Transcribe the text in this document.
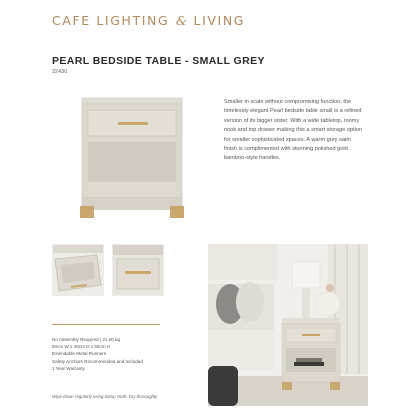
CAFE LIGHTING & LIVING
PEARL BEDSIDE TABLE - SMALL GREY
32430
Smaller in scale without compromising function, the timelessly elegant Pearl bedside table small is a refined version of its bigger sister. With a wide tabletop, roomy nook and top drawer making this a smart storage option for smaller sophisticated spaces. A warm grey satin finish is complimented with stunning polished gold bamboo-style handles.
No Assembly Required | 21.00 kg
50cm W x 40cm D x 55cm H
Extendable Metal Runners
Safety Anchors Recommended and Included
1 Year Warranty
Wipe down regularly using damp cloth. Dry thoroughly
